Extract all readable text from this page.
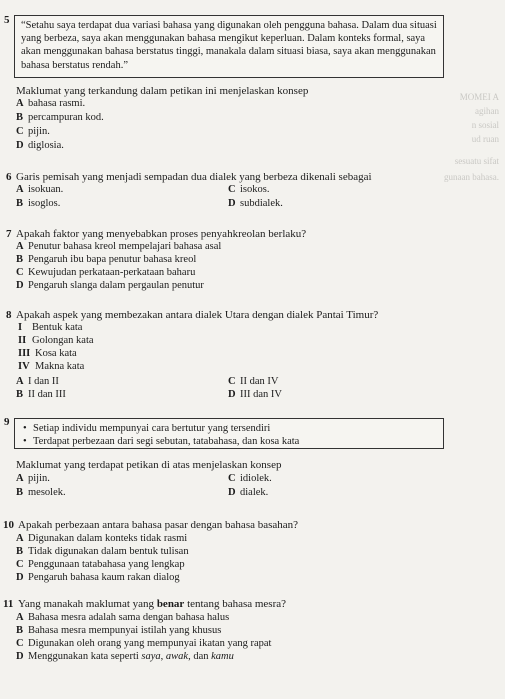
MOMEI A
agihan
n sosial
ud ruan
sesuatu sifat
gunaan bahasa.
5	“Setahu saya terdapat dua variasi bahasa yang digunakan oleh pengguna bahasa. Dalam dua situasi yang berbeza, saya akan menggunakan bahasa mengikut keperluan. Dalam konteks formal, saya akan menggunakan bahasa berstatus tinggi, manakala dalam situasi biasa, saya akan menggunakan bahasa berstatus rendah.”
Maklumat yang terkandung dalam petikan ini menjelaskan konsep
A bahasa rasmi.
B percampuran kod.
C pijin.
D diglosia.
6 Garis pemisah yang menjadi sempadan dua dialek yang berbeza dikenali sebagai
A isokuan.
B isoglos.
C isokos.
D subdialek.
7 Apakah faktor yang menyebabkan proses penyahkreolan berlaku?
A Penutur bahasa kreol mempelajari bahasa asal
B Pengaruh ibu bapa penutur bahasa kreol
C Kewujudan perkataan-perkataan baharu
D Pengaruh slanga dalam pergaulan penutur
8 Apakah aspek yang membezakan antara dialek Utara dengan dialek Pantai Timur?
I Bentuk kata
II Golongan kata
III Kosa kata
IV Makna kata
A I dan II
B II dan III
C II dan IV
D III dan IV
9
• Setiap individu mempunyai cara bertutur yang tersendiri
• Terdapat perbezaan dari segi sebutan, tatabahasa, dan kosa kata
Maklumat yang terdapat petikan di atas menjelaskan konsep
A pijin.
B mesolek.
C idiolek.
D dialek.
10 Apakah perbezaan antara bahasa pasar dengan bahasa basahan?
A Digunakan dalam konteks tidak rasmi
B Tidak digunakan dalam bentuk tulisan
C Penggunaan tatabahasa yang lengkap
D Pengaruh bahasa kaum rakan dialog
11 Yang manakah maklumat yang benar tentang bahasa mesra?
A Bahasa mesra adalah sama dengan bahasa halus
B Bahasa mesra mempunyai istilah yang khusus
C Digunakan oleh orang yang mempunyai ikatan yang rapat
D Menggunakan kata seperti saya, awak, dan kamu
